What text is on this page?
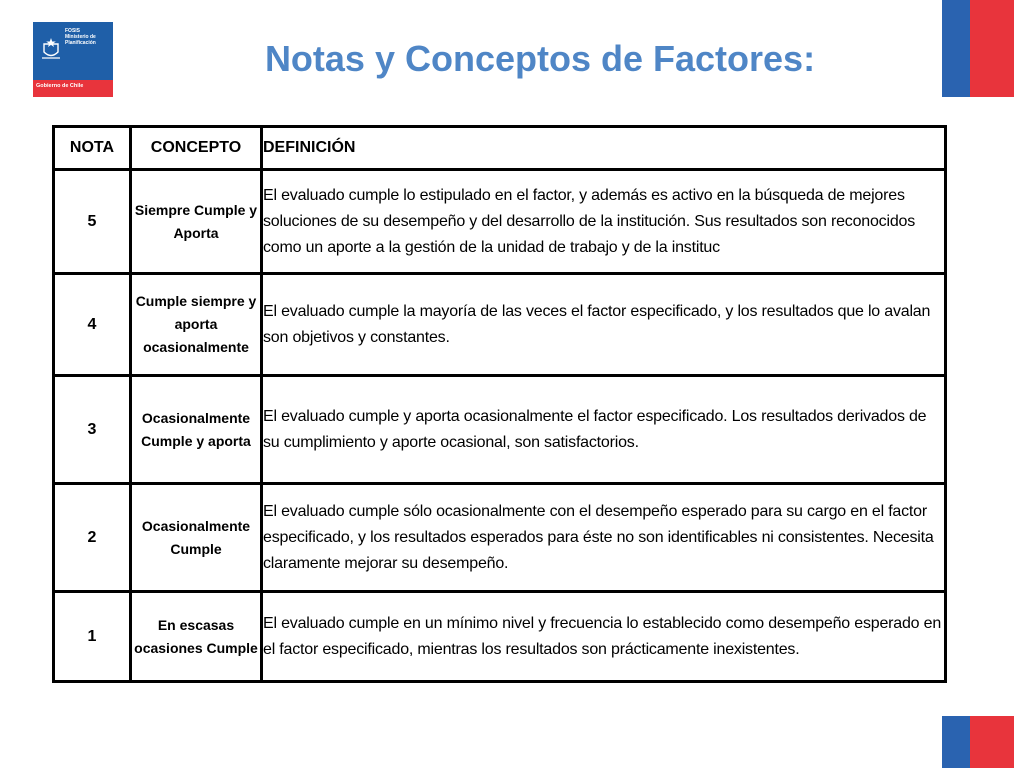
FOSIS
Ministerio de Planificación
Gobierno de Chile
Notas y Conceptos de Factores:
NOTA	CONCEPTO	DEFINICIÓN
5	Siempre Cumple y Aporta	El evaluado cumple lo estipulado en el factor, y además es activo en la búsqueda de mejores soluciones de su desempeño y del desarrollo de la institución. Sus resultados son reconocidos como un aporte a la gestión de la unidad de trabajo y de la instituc
4	Cumple siempre y aporta ocasionalmente	El evaluado cumple la mayoría de las veces el factor especificado, y los resultados que lo avalan son objetivos y constantes.
3	Ocasionalmente Cumple y aporta	El evaluado cumple y aporta ocasionalmente el factor especificado. Los resultados derivados de su cumplimiento y aporte ocasional, son satisfactorios.
2	Ocasionalmente Cumple	El evaluado cumple sólo ocasionalmente con el desempeño esperado para su cargo en el factor especificado, y los resultados esperados para éste no son identificables ni consistentes. Necesita claramente mejorar su desempeño.
1	En escasas ocasiones Cumple	El evaluado cumple en un mínimo nivel y frecuencia lo establecido como desempeño esperado en el factor especificado, mientras los resultados son prácticamente inexistentes.
